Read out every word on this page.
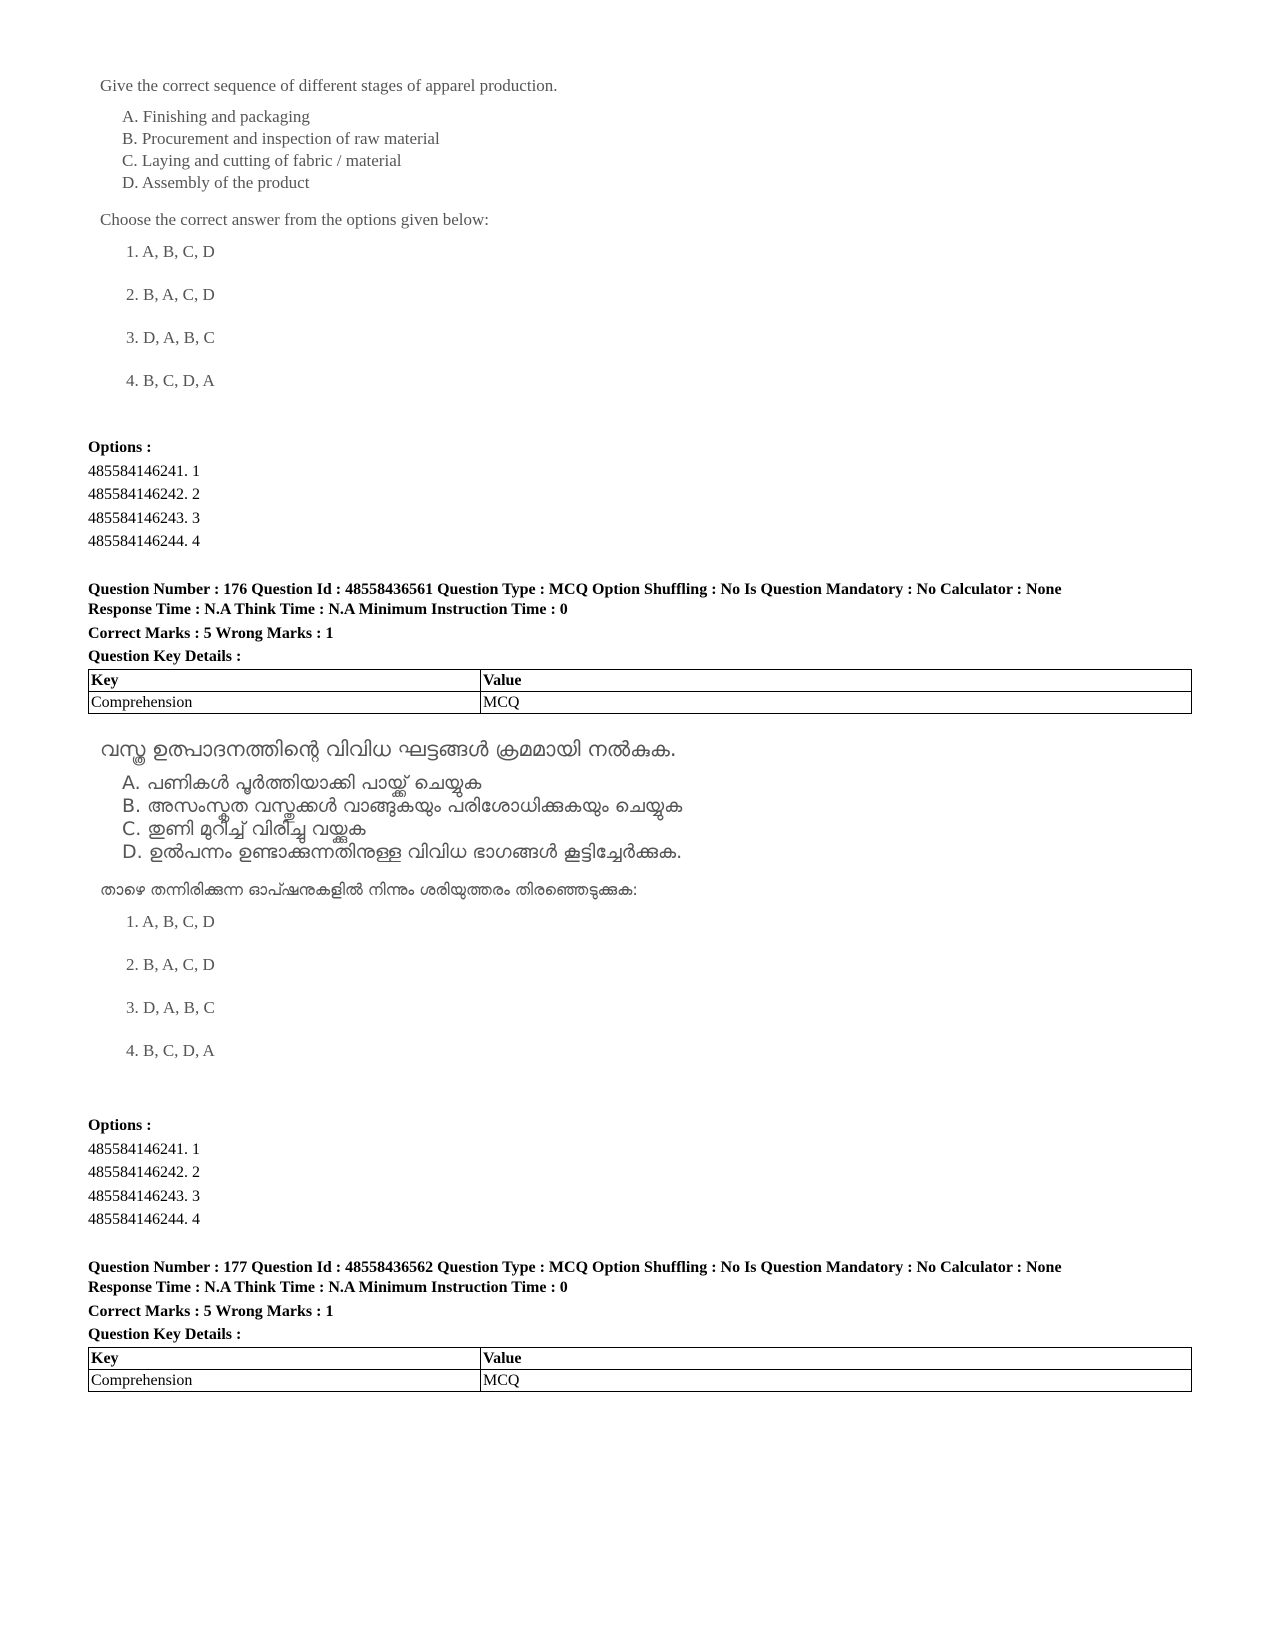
Give the correct sequence of different stages of apparel production.

A. Finishing and packaging
B. Procurement and inspection of raw material
C. Laying and cutting of fabric / material
D. Assembly of the product

Choose the correct answer from the options given below:

1. A, B, C, D
2. B, A, C, D
3. D, A, B, C
4. B, C, D, A
Options :
485584146241. 1
485584146242. 2
485584146243. 3
485584146244. 4
Question Number : 176 Question Id : 48558436561 Question Type : MCQ Option Shuffling : No Is Question Mandatory : No Calculator : None
Response Time : N.A Think Time : N.A Minimum Instruction Time : 0
Correct Marks : 5 Wrong Marks : 1
Question Key Details :
Key	Value
Comprehension	MCQ

വസ്ത്ര ഉത്പാദനത്തിന്റെ വിവിധ ഘട്ടങ്ങൾ ക്രമമായി നൽകുക.

A. പണികൾ പൂർത്തിയാക്കി പായ്ക്ക് ചെയ്യുക
B. അസംസ്കൃത വസ്തുക്കൾ വാങ്ങുകയും പരിശോധിക്കുകയും ചെയ്യുക
C. തുണി മുറിച്ച് വിരിച്ചു വയ്ക്കുക
D. ഉൽപന്നം ഉണ്ടാക്കുന്നതിനുള്ള വിവിധ ഭാഗങ്ങൾ കൂട്ടിച്ചേർക്കുക.

താഴെ തന്നിരിക്കുന്ന ഓപ്ഷനുകളിൽ നിന്നും ശരിയുത്തരം തിരഞ്ഞെടുക്കുക:

1. A, B, C, D
2. B, A, C, D
3. D, A, B, C
4. B, C, D, A
Options :
485584146241. 1
485584146242. 2
485584146243. 3
485584146244. 4
Question Number : 177 Question Id : 48558436562 Question Type : MCQ Option Shuffling : No Is Question Mandatory : No Calculator : None
Response Time : N.A Think Time : N.A Minimum Instruction Time : 0
Correct Marks : 5 Wrong Marks : 1
Question Key Details :
Key	Value
Comprehension	MCQ
